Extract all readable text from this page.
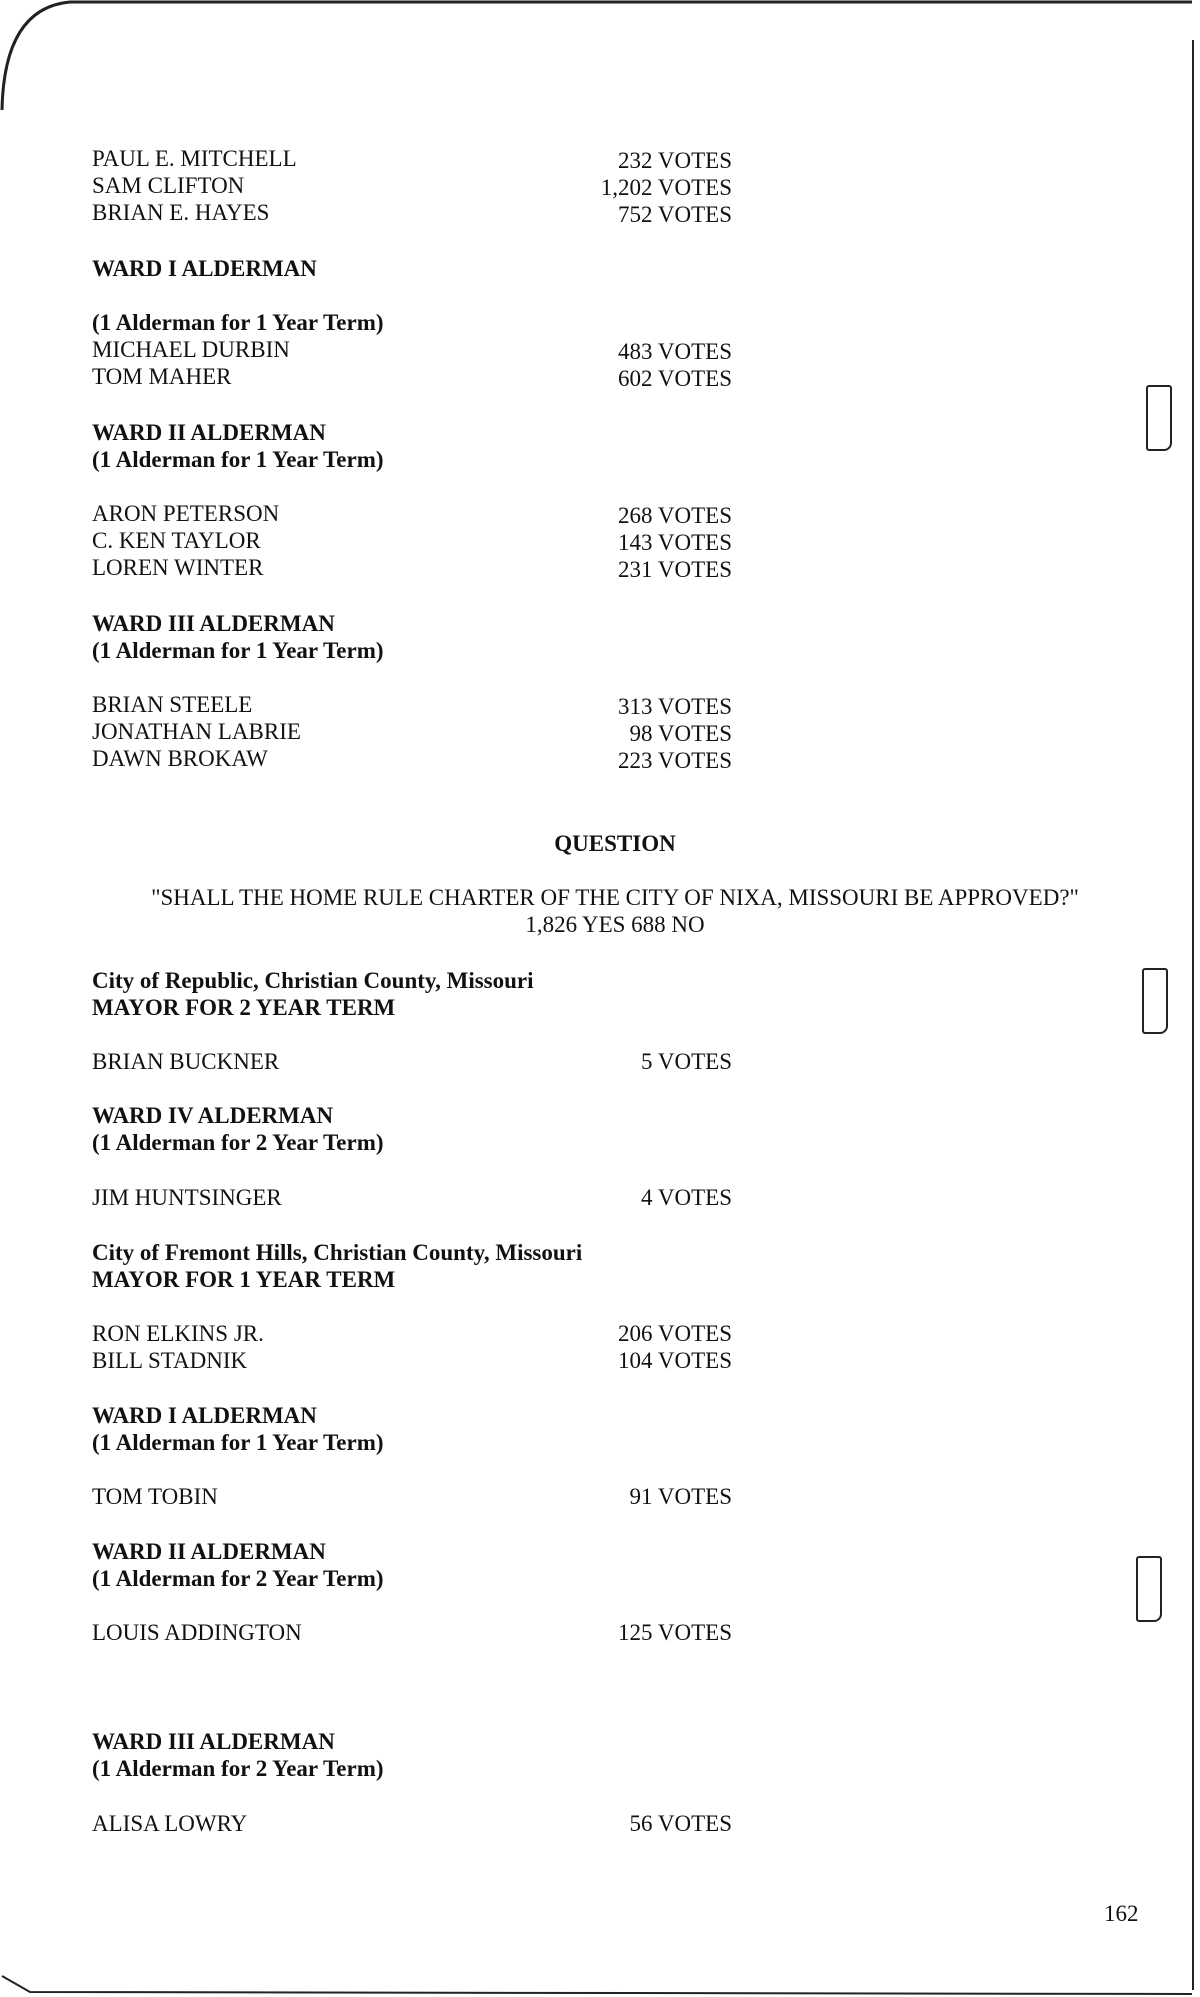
PAUL E. MITCHELL	232 VOTES
SAM CLIFTON	1,202 VOTES
BRIAN E. HAYES	752 VOTES
WARD I ALDERMAN
(1 Alderman for 1 Year Term)
MICHAEL DURBIN	483 VOTES
TOM MAHER	602 VOTES
WARD II ALDERMAN
(1 Alderman for 1 Year Term)
ARON PETERSON	268 VOTES
C. KEN TAYLOR	143 VOTES
LOREN WINTER	231 VOTES
WARD III ALDERMAN
(1 Alderman for 1 Year Term)
BRIAN STEELE	313 VOTES
JONATHAN LABRIE	98 VOTES
DAWN BROKAW	223 VOTES
QUESTION
"SHALL THE HOME RULE CHARTER OF THE CITY OF NIXA, MISSOURI BE APPROVED?"
1,826 YES 688 NO
City of Republic, Christian County, Missouri
MAYOR FOR 2 YEAR TERM
BRIAN BUCKNER	5 VOTES
WARD IV ALDERMAN
(1 Alderman for 2 Year Term)
JIM HUNTSINGER	4 VOTES
City of Fremont Hills, Christian County, Missouri
MAYOR FOR 1 YEAR TERM
RON ELKINS JR.	206 VOTES
BILL STADNIK	104 VOTES
WARD I ALDERMAN
(1 Alderman for 1 Year Term)
TOM TOBIN	91 VOTES
WARD II ALDERMAN
(1 Alderman for 2 Year Term)
LOUIS ADDINGTON	125 VOTES
WARD III ALDERMAN
(1 Alderman for 2 Year Term)
ALISA LOWRY	56 VOTES
162
